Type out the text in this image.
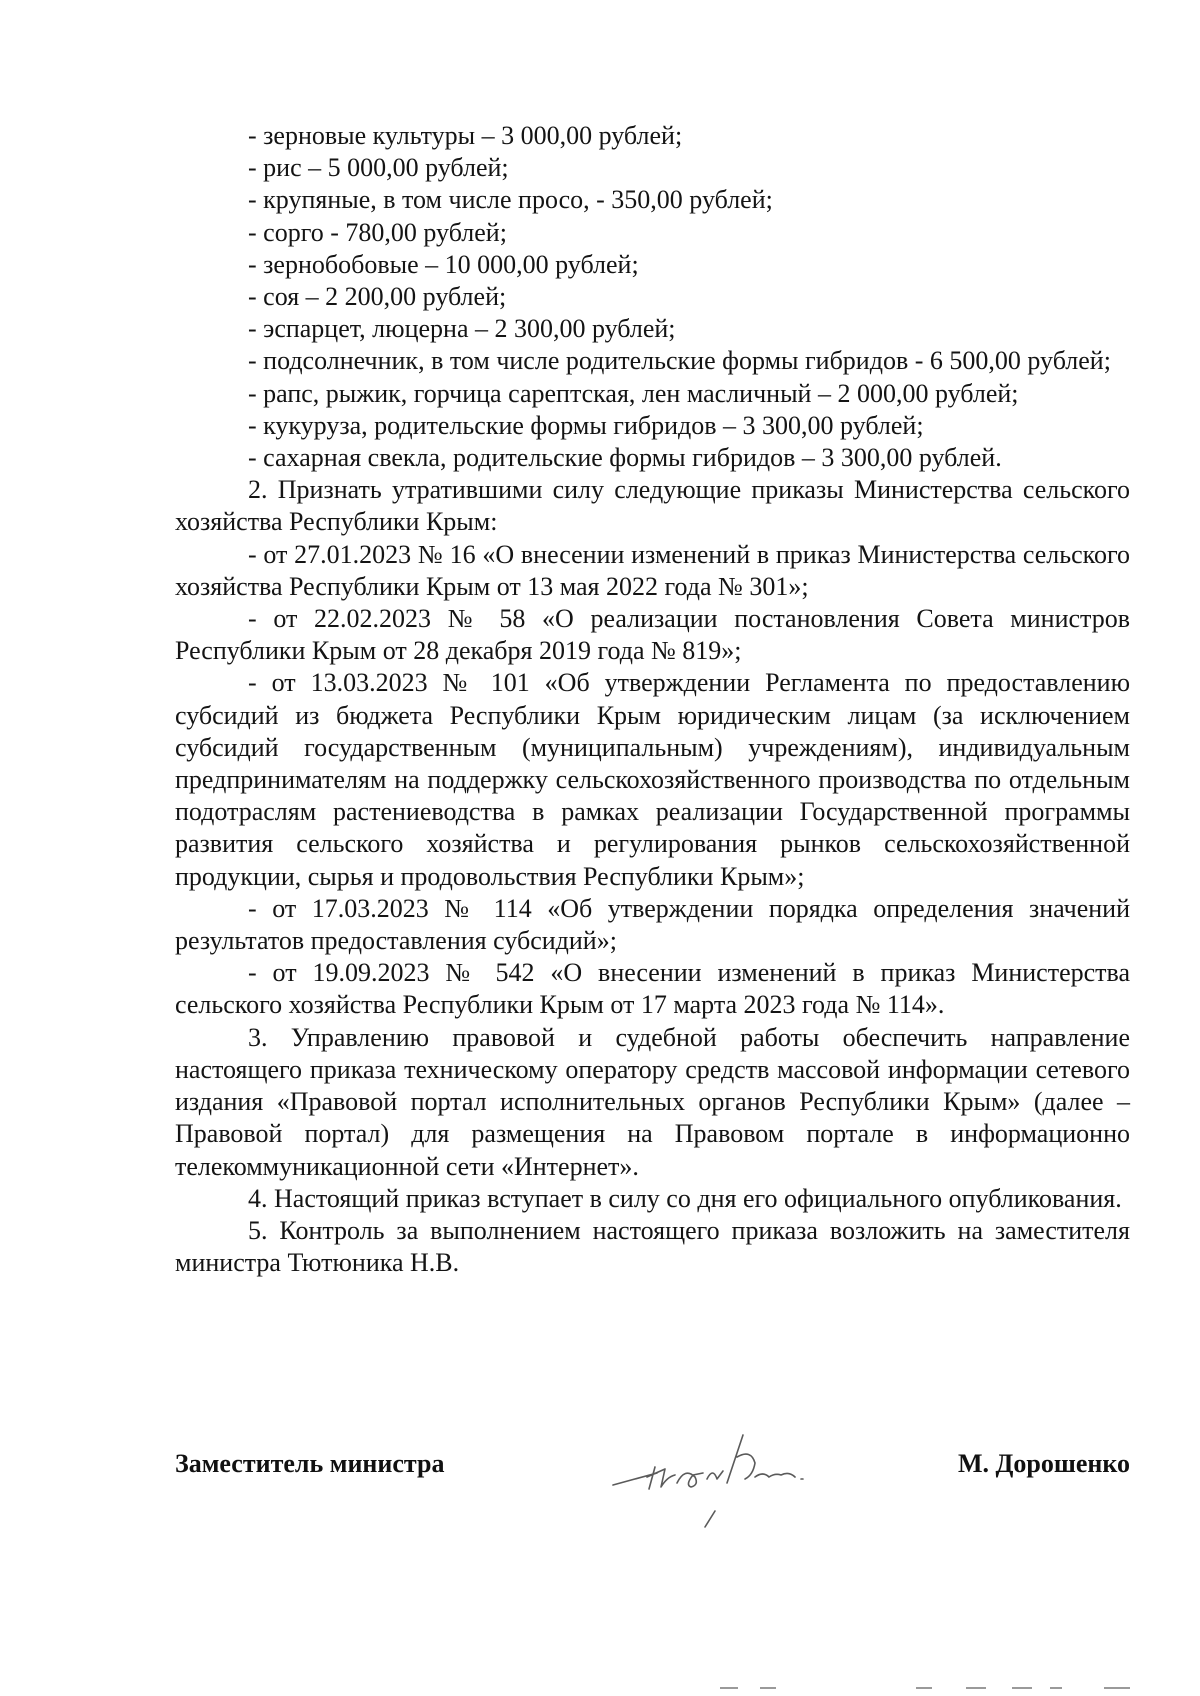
- зерновые культуры – 3 000,00 рублей;

- рис – 5 000,00 рублей;

- крупяные, в том числе просо, - 350,00 рублей;

- сорго - 780,00 рублей;

- зернобобовые – 10 000,00 рублей;

- соя – 2 200,00 рублей;

- эспарцет, люцерна – 2 300,00 рублей;

- подсолнечник, в том числе родительские формы гибридов - 6 500,00 рублей;

- рапс, рыжик, горчица сарептская, лен масличный – 2 000,00 рублей;

- кукуруза, родительские формы гибридов – 3 300,00 рублей;

- сахарная свекла, родительские формы гибридов – 3 300,00 рублей.

2. Признать утратившими силу следующие приказы Министерства сельского хозяйства Республики Крым:

- от 27.01.2023 № 16 «О внесении изменений в приказ Министерства сельского хозяйства Республики Крым от 13 мая 2022 года № 301»;

- от 22.02.2023 № 58 «О реализации постановления Совета министров Республики Крым от 28 декабря 2019 года № 819»;

- от 13.03.2023 № 101 «Об утверждении Регламента по предоставлению субсидий из бюджета Республики Крым юридическим лицам (за исключением субсидий государственным (муниципальным) учреждениям), индивидуальным предпринимателям на поддержку сельскохозяйственного производства по отдельным подотраслям растениеводства в рамках реализации Государственной программы развития сельского хозяйства и регулирования рынков сельскохозяйственной продукции, сырья и продовольствия Республики Крым»;

- от 17.03.2023 № 114 «Об утверждении порядка определения значений результатов предоставления субсидий»;

- от 19.09.2023 № 542 «О внесении изменений в приказ Министерства сельского хозяйства Республики Крым от 17 марта 2023 года № 114».

3. Управлению правовой и судебной работы обеспечить направление настоящего приказа техническому оператору средств массовой информации сетевого издания «Правовой портал исполнительных органов Республики Крым» (далее – Правовой портал) для размещения на Правовом портале в информационно телекоммуникационной сети «Интернет».

4. Настоящий приказ вступает в силу со дня его официального опубликования.

5. Контроль за выполнением настоящего приказа возложить на заместителя министра Тютюника Н.В.

Заместитель министра	М. Дорошенко
